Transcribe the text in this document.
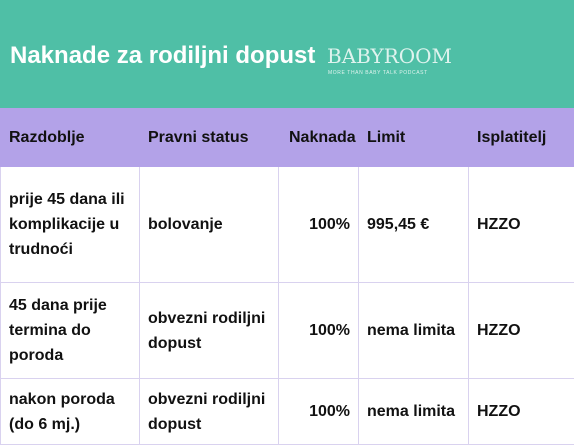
Naknade za rodiljni dopust BABYROOM
MORE THAN BABY TALK PODCAST
Razdoblje	Pravni status	Naknada	Limit	Isplatitelj
prije 45 dana ili komplikacije u trudnoći	bolovanje	100%	995,45 €	HZZO
45 dana prije termina do poroda	obvezni rodiljni dopust	100%	nema limita	HZZO
nakon poroda (do 6 mj.)	obvezni rodiljni dopust	100%	nema limita	HZZO
